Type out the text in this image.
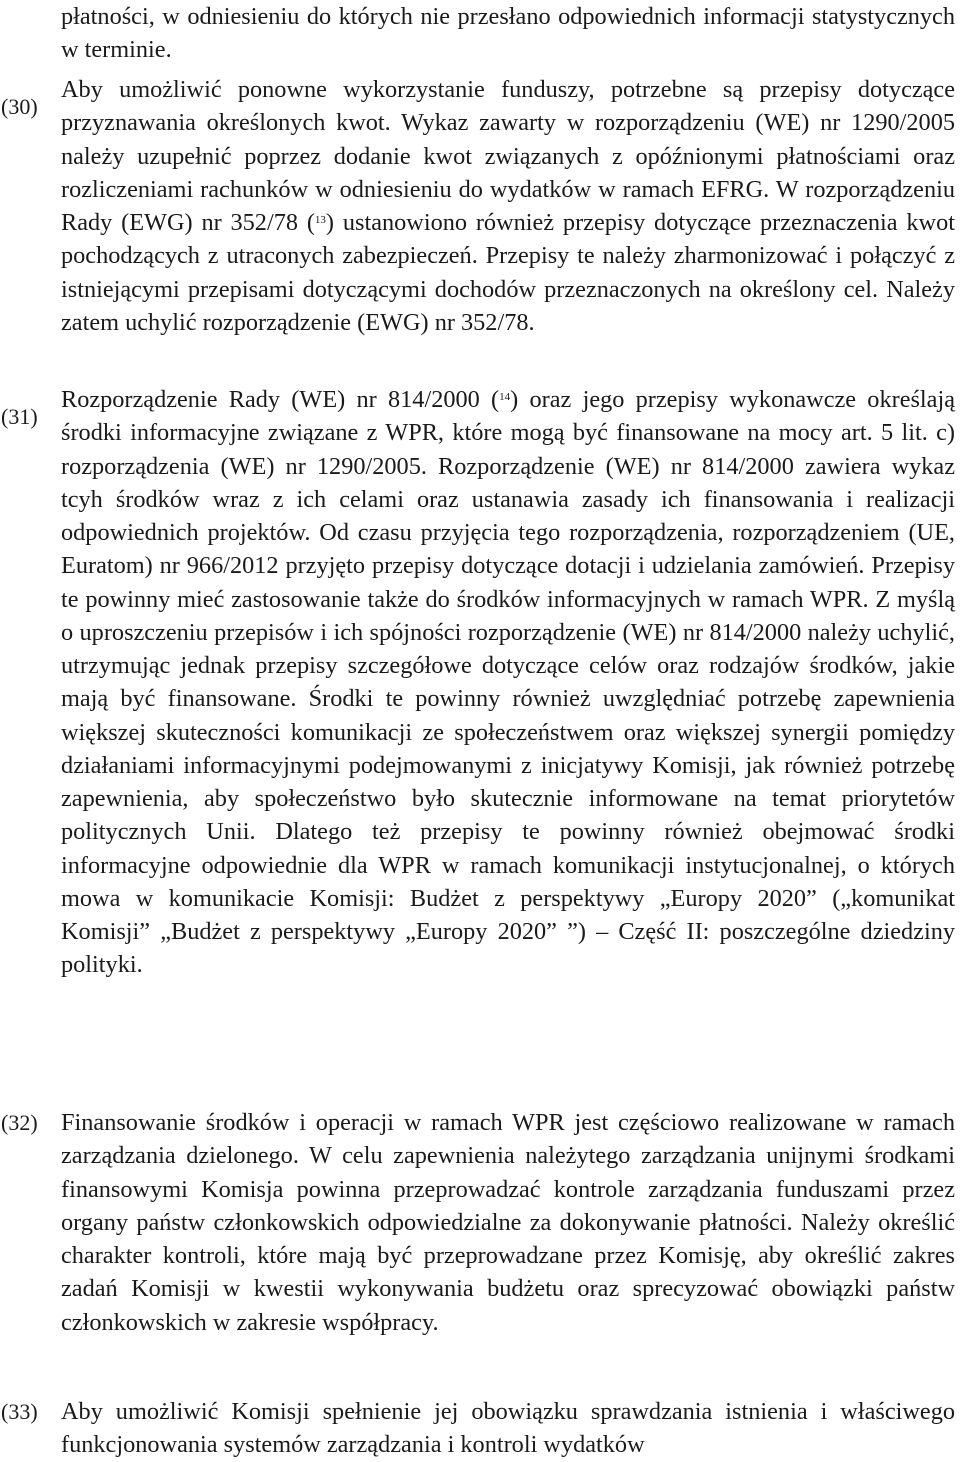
płatności, w odniesieniu do których nie przesłano odpowiednich informacji statystycznych w terminie.
(30)
Aby umożliwić ponowne wykorzystanie funduszy, potrzebne są przepisy dotyczące przyznawania określonych kwot. Wykaz zawarty w rozporządzeniu (WE) nr 1290/2005 należy uzupełnić poprzez dodanie kwot związanych z opóźnionymi płatnościami oraz rozliczeniami rachunków w odniesieniu do wydatków w ramach EFRG. W rozporządzeniu Rady (EWG) nr 352/78 ($^{13}$) ustanowiono również przepisy dotyczące przeznaczenia kwot pochodzących z utraconych zabezpieczeń. Przepisy te należy zharmonizować i połączyć z istniejącymi przepisami dotyczącymi dochodów przeznaczonych na określony cel. Należy zatem uchylić rozporządzenie (EWG) nr 352/78.
(31)
Rozporządzenie Rady (WE) nr 814/2000 ($^{14}$) oraz jego przepisy wykonawcze określają środki informacyjne związane z WPR, które mogą być finansowane na mocy art. 5 lit. c) rozporządzenia (WE) nr 1290/2005. Rozporządzenie (WE) nr 814/2000 zawiera wykaz tcyh środków wraz z ich celami oraz ustanawia zasady ich finansowania i realizacji odpowiednich projektów. Od czasu przyjęcia tego rozporządzenia, rozporządzeniem (UE, Euratom) nr 966/2012 przyjęto przepisy dotyczące dotacji i udzielania zamówień. Przepisy te powinny mieć zastosowanie także do środków informacyjnych w ramach WPR. Z myślą o uproszczeniu przepisów i ich spójności rozporządzenie (WE) nr 814/2000 należy uchylić, utrzymując jednak przepisy szczegółowe dotyczące celów oraz rodzajów środków, jakie mają być finansowane. Środki te powinny również uwzględniać potrzebę zapewnienia większej skuteczności komunikacji ze społeczeństwem oraz większej synergii pomiędzy działaniami informacyjnymi podejmowanymi z inicjatywy Komisji, jak również potrzebę zapewnienia, aby społeczeństwo było skutecznie informowane na temat priorytetów politycznych Unii. Dlatego też przepisy te powinny również obejmować środki informacyjne odpowiednie dla WPR w ramach komunikacji instytucjonalnej, o których mowa w komunikacie Komisji: Budżet z perspektywy „Europy 2020” („komunikat Komisji” „Budżet z perspektywy „Europy 2020” ”) – Część II: poszczególne dziedziny polityki.
(32) Finansowanie środków i operacji w ramach WPR jest częściowo realizowane w ramach zarządzania dzielonego. W celu zapewnienia należytego zarządzania unijnymi środkami finansowymi Komisja powinna przeprowadzać kontrole zarządzania funduszami przez organy państw członkowskich odpowiedzialne za dokonywanie płatności. Należy określić charakter kontroli, które mają być przeprowadzane przez Komisję, aby określić zakres zadań Komisji w kwestii wykonywania budżetu oraz sprecyzować obowiązki państw członkowskich w zakresie współpracy.
(33) Aby umożliwić Komisji spełnienie jej obowiązku sprawdzania istnienia i właściwego funkcjonowania systemów zarządzania i kontroli wydatków
